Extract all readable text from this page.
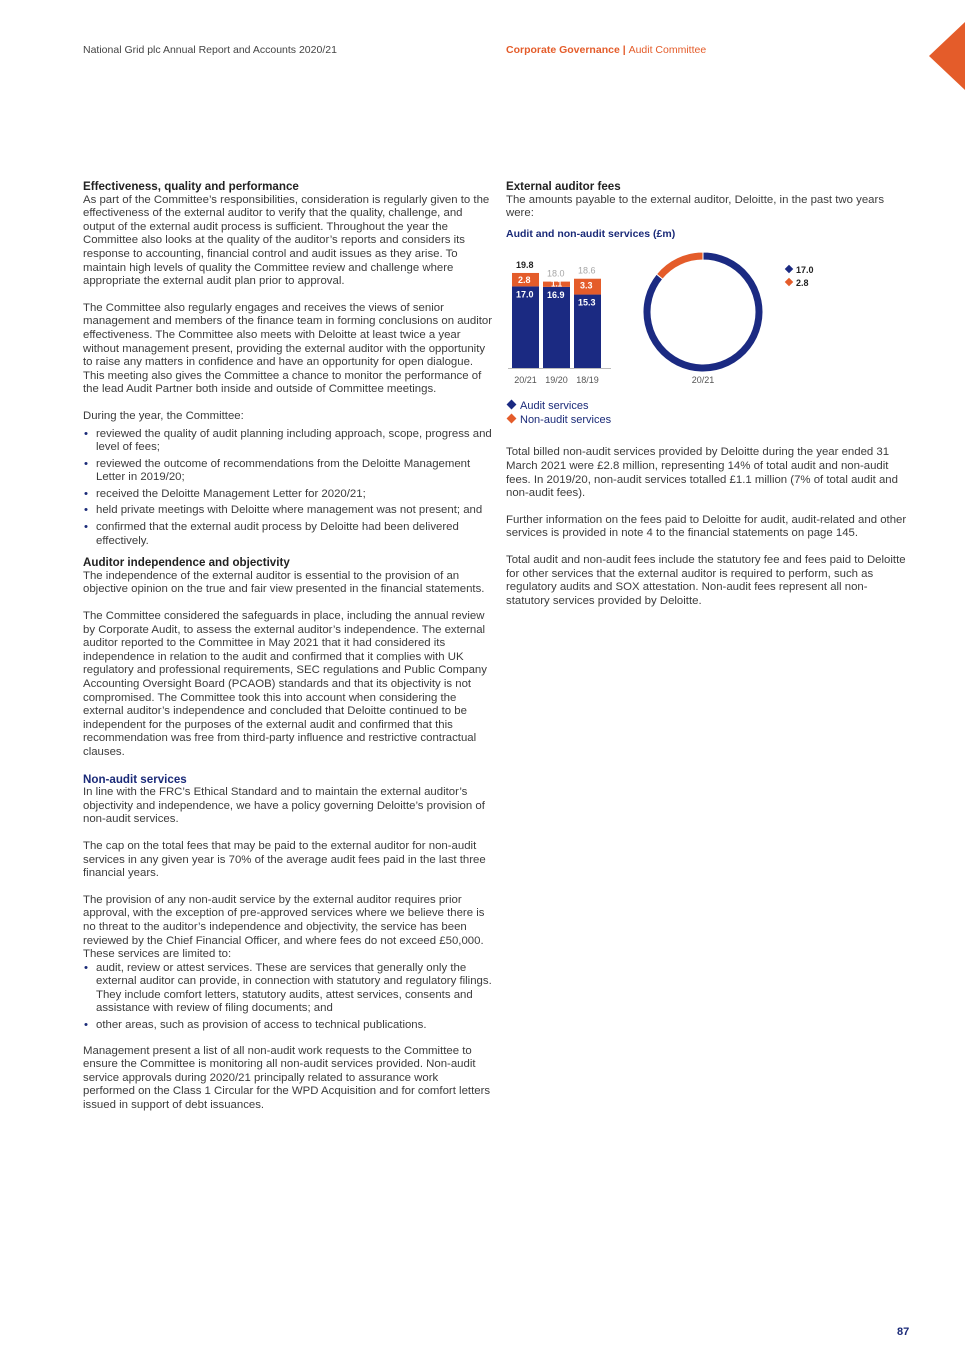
National Grid plc Annual Report and Accounts 2020/21	Corporate Governance | Audit Committee
Effectiveness, quality and performance

As part of the Committee’s responsibilities, consideration is regularly given to the effectiveness of the external auditor to verify that the quality, challenge, and output of the external audit process is sufficient. Throughout the year the Committee also looks at the quality of the auditor’s reports and considers its response to accounting, financial control and audit issues as they arise. To maintain high levels of quality the Committee review and challenge where appropriate the external audit plan prior to approval.

The Committee also regularly engages and receives the views of senior management and members of the finance team in forming conclusions on auditor effectiveness. The Committee also meets with Deloitte at least twice a year without management present, providing the external auditor with the opportunity to raise any matters in confidence and have an opportunity for open dialogue. This meeting also gives the Committee a chance to monitor the performance of the lead Audit Partner both inside and outside of Committee meetings.

During the year, the Committee:

• reviewed the quality of audit planning including approach, scope, progress and level of fees;
• reviewed the outcome of recommendations from the Deloitte Management Letter in 2019/20;
• received the Deloitte Management Letter for 2020/21;
• held private meetings with Deloitte where management was not present; and
• confirmed that the external audit process by Deloitte had been delivered effectively.
Auditor independence and objectivity

The independence of the external auditor is essential to the provision of an objective opinion on the true and fair view presented in the financial statements.

The Committee considered the safeguards in place, including the annual review by Corporate Audit, to assess the external auditor’s independence. The external auditor reported to the Committee in May 2021 that it had considered its independence in relation to the audit and confirmed that it complies with UK regulatory and professional requirements, SEC regulations and Public Company Accounting Oversight Board (PCAOB) standards and that its objectivity is not compromised. The Committee took this into account when considering the external auditor’s independence and concluded that Deloitte continued to be independent for the purposes of the external audit and confirmed that this recommendation was free from third-party influence and restrictive contractual clauses.

Non-audit services

In line with the FRC’s Ethical Standard and to maintain the external auditor’s objectivity and independence, we have a policy governing Deloitte’s provision of non-audit services.

The cap on the total fees that may be paid to the external auditor for non-audit services in any given year is 70% of the average audit fees paid in the last three financial years.

The provision of any non-audit service by the external auditor requires prior approval, with the exception of pre-approved services where we believe there is no threat to the auditor’s independence and objectivity, the service has been reviewed by the Chief Financial Officer, and where fees do not exceed £50,000. These services are limited to:

• audit, review or attest services. These are services that generally only the external auditor can provide, in connection with statutory and regulatory filings. They include comfort letters, statutory audits, attest services, consents and assistance with review of filing documents; and
• other areas, such as provision of access to technical publications.

Management present a list of all non-audit work requests to the Committee to ensure the Committee is monitoring all non-audit services provided. Non-audit service approvals during 2020/21 principally related to assurance work performed on the Class 1 Circular for the WPD Acquisition and for comfort letters issued in support of debt issuances.

External auditor fees

The amounts payable to the external auditor, Deloitte, in the past two years were:

Audit and non-audit services (£m)
17.0
2.8
19.8
20/21
16.9
1.1
18.0
19/20
15.3
3.3
18.6
18/19	20/21
17.0
2.8
Audit services
Non-audit services

Total billed non-audit services provided by Deloitte during the year ended 31 March 2021 were £2.8 million, representing 14% of total audit and non-audit fees. In 2019/20, non-audit services totalled £1.1 million (7% of total audit and non-audit fees).

Further information on the fees paid to Deloitte for audit, audit-related and other services is provided in note 4 to the financial statements on page 145.

Total audit and non-audit fees include the statutory fee and fees paid to Deloitte for other services that the external auditor is required to perform, such as regulatory audits and SOX attestation. Non-audit fees represent all non-statutory services provided by Deloitte.

87
